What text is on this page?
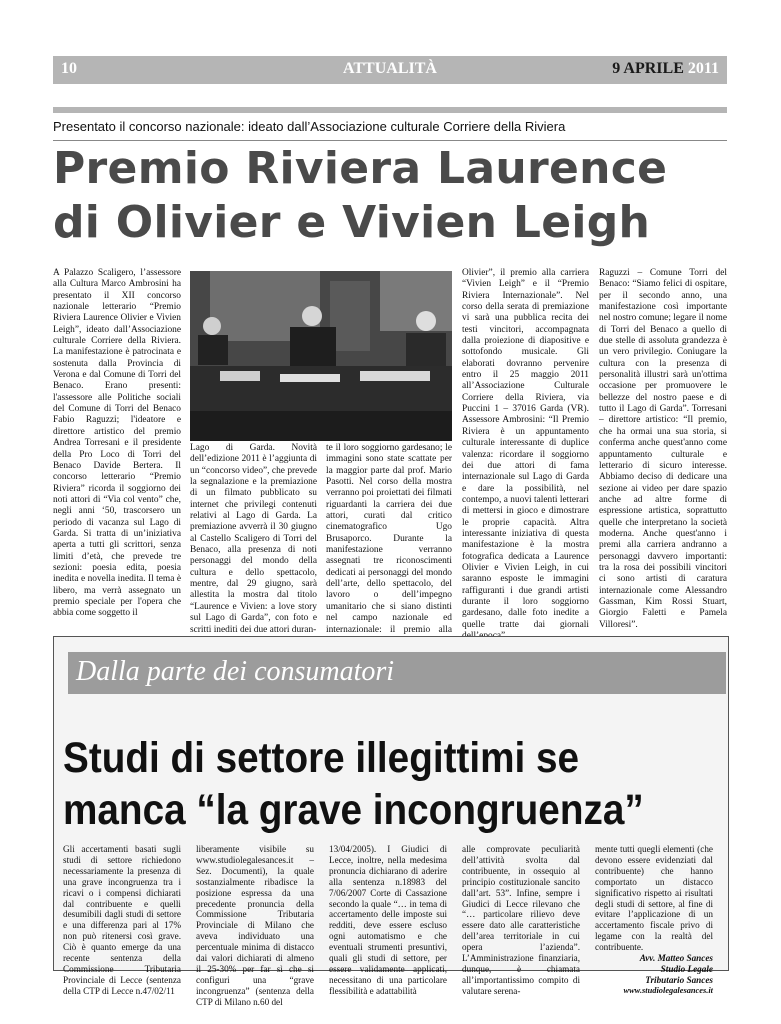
10	ATTUALITÀ	9 APRILE 2011
Presentato il concorso nazionale: ideato dall’Associazione culturale Corriere della Riviera
Premio Riviera Laurence
di Olivier e Vivien Leigh
A Palazzo Scaligero, l’assessore alla Cultura Marco Ambrosini ha presentato il XII concorso nazionale letterario “Premio Riviera Laurence Olivier e Vivien Leigh”, ideato dall’Associazione culturale Corriere della Riviera. La manifestazione è patrocinata e sostenuta dalla Provincia di Verona e dal Comune di Torri del Benaco. Erano presenti: l'assessore alle Politiche sociali del Comune di Torri del Benaco Fabio Raguzzi; l'ideatore e direttore artistico del premio Andrea Torresani e il presidente della Pro Loco di Torri del Benaco Davide Bertera. Il concorso letterario “Premio Riviera” ricorda il soggiorno dei noti attori di “Via col vento” che, negli anni ‘50, trascorsero un periodo di vacanza sul Lago di Garda. Si tratta di un’iniziativa aperta a tutti gli scrittori, senza limiti d’età, che prevede tre sezioni: poesia edita, poesia inedita e novella inedita. Il tema è libero, ma verrà assegnato un premio speciale per l'opera che abbia come soggetto il
Lago di Garda. Novità dell’edizione 2011 è l’aggiunta di un “concorso video”, che prevede la segnalazione e la premiazione di un filmato pubblicato su internet che privilegi contenuti relativi al Lago di Garda. La premiazione avverrà il 30 giugno al Castello Scaligero di Torri del Benaco, alla presenza di noti personaggi del mondo della cultura e dello spettacolo, mentre, dal 29 giugno, sarà allestita la mostra dal titolo “Laurence e Vivien: a love story sul Lago di Garda”, con foto e scritti inediti dei due attori duran-
te il loro soggiorno gardesano; le immagini sono state scattate per la maggior parte dal prof. Mario Pasotti. Nel corso della mostra verranno poi proiettati dei filmati riguardanti la carriera dei due attori, curati dal critico cinematografico Ugo Brusaporco. Durante la manifestazione verranno assegnati tre riconoscimenti dedicati ai personaggi del mondo dell’arte, dello spettacolo, del lavoro o dell’impegno umanitario che si siano distinti nel campo nazionale ed internazionale: il premio alla
Olivier”, il premio alla carriera “Vivien Leigh” e il “Premio Riviera Internazionale”. Nel corso della serata di premiazione vi sarà una pubblica recita dei testi vincitori, accompagnata dalla proiezione di diapositive e sottofondo musicale. Gli elaborati dovranno pervenire entro il 25 maggio 2011 all’Associazione Culturale Corriere della Riviera, via Puccini 1 – 37016 Garda (VR). Assessore Ambrosini: “Il Premio Riviera è un appuntamento culturale interessante di duplice valenza: ricordare il soggiorno dei due attori di fama internazionale sul Lago di Garda e dare la possibilità, nel contempo, a nuovi talenti letterari di mettersi in gioco e dimostrare le proprie capacità. Altra interessante iniziativa di questa manifestazione è la mostra fotografica dedicata a Laurence Olivier e Vivien Leigh, in cui saranno esposte le immagini raffiguranti i due grandi artisti durante il loro soggiorno gardesano, dalle foto inedite a quelle tratte dai giornali
Raguzzi – Comune Torri del Benaco: “Siamo felici di ospitare, per il secondo anno, una manifestazione così importante nel nostro comune; legare il nome di Torri del Benaco a quello di due stelle di assoluta grandezza è un vero privilegio. Coniugare la cultura con la presenza di personalità illustri sarà un'ottima occasione per promuovere le bellezze del nostro paese e di tutto il Lago di Garda”. Torresani – direttore artistico: “Il premio, che ha ormai una sua storia, si conferma anche quest'anno come appuntamento culturale e letterario di sicuro interesse. Abbiamo deciso di dedicare una sezione ai video per dare spazio anche ad altre forme di espressione artistica, soprattutto quelle che interpretano la società moderna. Anche quest'anno i premi alla carriera andranno a personaggi davvero importanti: tra la rosa dei possibili vincitori ci sono artisti di caratura internazionale come Alessandro Gassman, Kim Rossi Stuart, Giorgio Faletti e Pamela Villoresi”.
Dalla parte dei consumatori
Studi di settore illegittimi se
manca “la grave incongruenza”
Gli accertamenti basati sugli studi di settore richiedono necessariamente la presenza di una grave incongruenza tra i ricavi o i compensi dichiarati dal contribuente e quelli desumibili dagli studi di settore e una differenza pari al 17% non può ritenersi così grave. Ciò è quanto emerge da una recente sentenza della Commissione Tributaria Provinciale di Lecce (sentenza della CTP di Lecce n.47/02/11
liberamente visibile su www.studiolegalesances.it – Sez. Documenti), la quale sostanzialmente ribadisce la posizione espressa da una precedente pronuncia della Commissione Tributaria Provinciale di Milano che aveva individuato una percentuale minima di distacco dai valori dichiarati di almeno il 25-30% per far sì che si configuri una “grave incongruenza” (sentenza della CTP di Milano n.60 del
13/04/2005). I Giudici di Lecce, inoltre, nella medesima pronuncia dichiarano di aderire alla sentenza n.18983 del 7/06/2007 Corte di Cassazione secondo la quale “… in tema di accertamento delle imposte sui redditi, deve essere escluso ogni automatismo e che eventuali strumenti presuntivi, quali gli studi di settore, per essere validamente applicati, necessitano di una particolare flessibilità e adattabilità
alle comprovate peculiarità dell’attività svolta dal contribuente, in ossequio al principio costituzionale sancito dall’art. 53”. Infine, sempre i Giudici di Lecce rilevano che “… particolare rilievo deve essere dato alle caratteristiche dell’area territoriale in cui opera l’azienda”. L’Amministrazione finanziaria, dunque, è chiamata all’importantissimo compito di valutare serena-
mente tutti quegli elementi (che devono essere evidenziati dal contribuente) che hanno comportato un distacco significativo rispetto ai risultati degli studi di settore, al fine di evitare l’applicazione di un accertamento fiscale privo di legame con la realtà del contribuente.
Avv. Matteo Sances
Studio Legale
Tributario Sances
www.studiolegalesances.it
